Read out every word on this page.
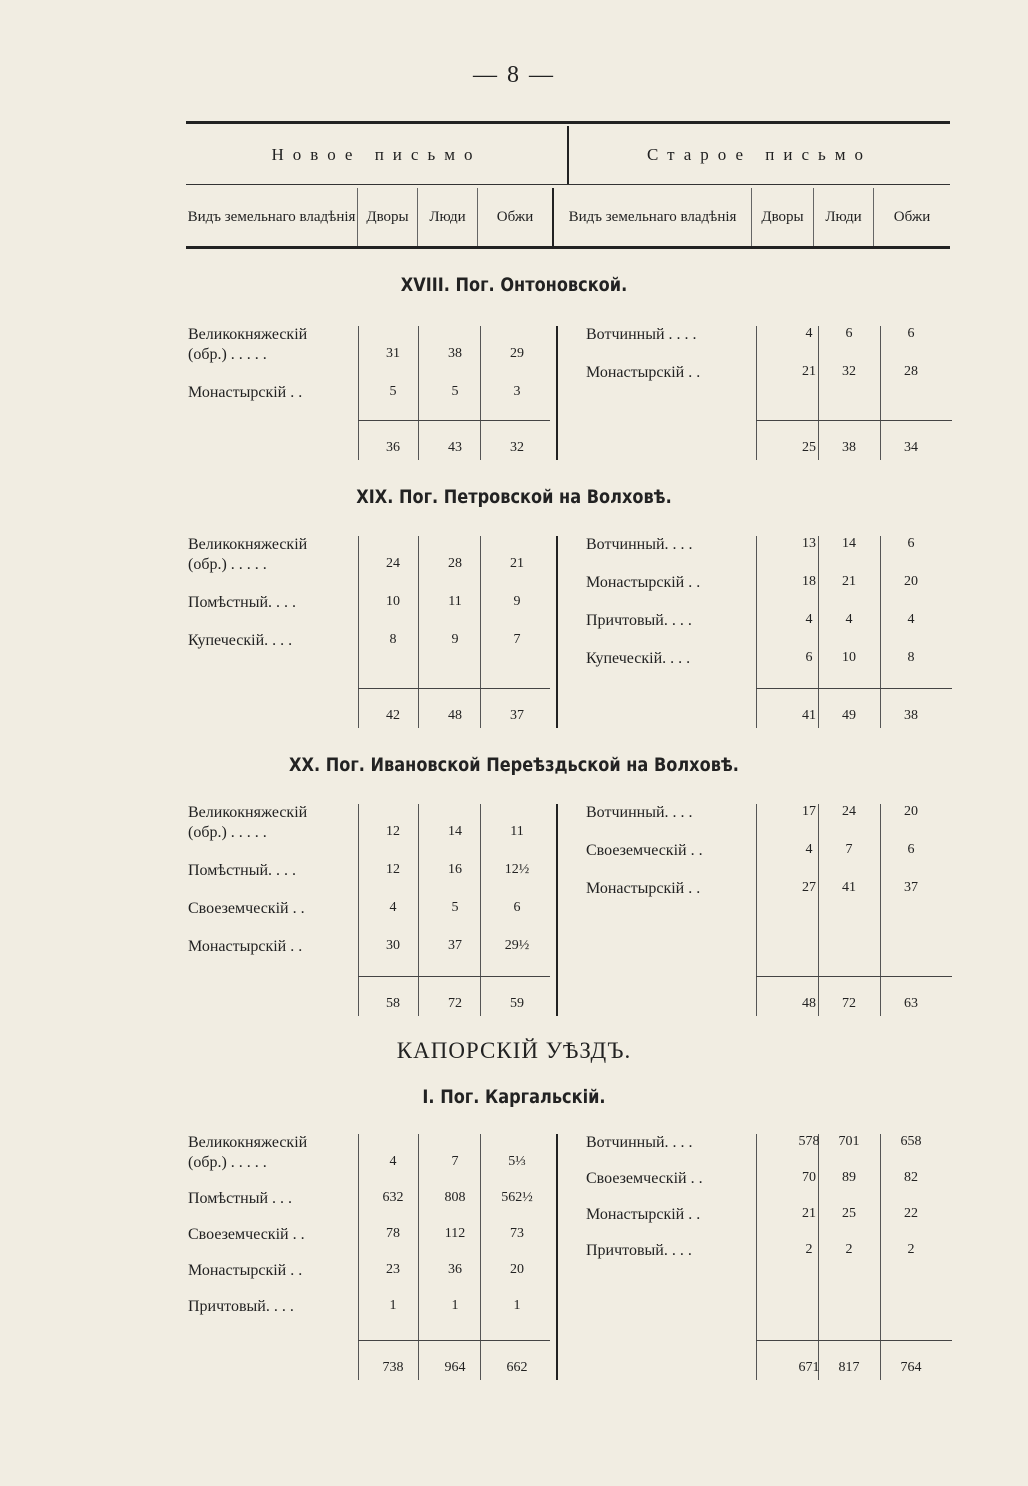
— 8 —
Новое письмо	Старое письмо
Видъ земельнаго владѣнія Дворы	Люди	Обжи	Видъ земельнаго владѣнія	Дворы	Люди	Обжи
XVIII. Пог. Онтоновской.
Великокняжескій
(обр.) . . . . .	31	38	29
Монастырскій . .	5	5	3
36	43	32
Вотчинный . . . .	4	6	6
Монастырскій . .	21	32	28
25	38	34
XIX. Пог. Петровской на Волховѣ.
Великокняжескій
(обр.) . . . . .	24	28	21
Помѣстный. . . .	10	11	9
Купеческій. . . .	8	9	7
42	48	37
Вотчинный. . . .	13	14	6
Монастырскій . .	18	21	20
Причтовый. . . .	4	4	4
Купеческій. . . .	6	10	8
41	49	38
XX. Пог. Ивановской Переѣздьской на Волховѣ.
Великокняжескій
(обр.) . . . . .	12	14	11
Помѣстный. . . .	12	16	12½
Своеземческій . .	4	5	6
Монастырскій . .	30	37	29½
58	72	59
Вотчинный. . . .	17	24	20
Своеземческій . .	4	7	6
Монастырскій . .	27	41	37
48	72	63
КАПОРСКІЙ УѢЗДЪ.
I. Пог. Каргальскій.
Великокняжескій
(обр.) . . . . .	4	7	5⅓
Помѣстный . . .	632	808	562½
Своеземческій . .	78	112	73
Монастырскій . .	23	36	20
Причтовый. . . .	1	1	1
738	964	662
Вотчинный. . . .	578	701	658
Своеземческій . .	70	89	82
Монастырскій . .	21	25	22
Причтовый. . . .	2	2	2
671	817	764
